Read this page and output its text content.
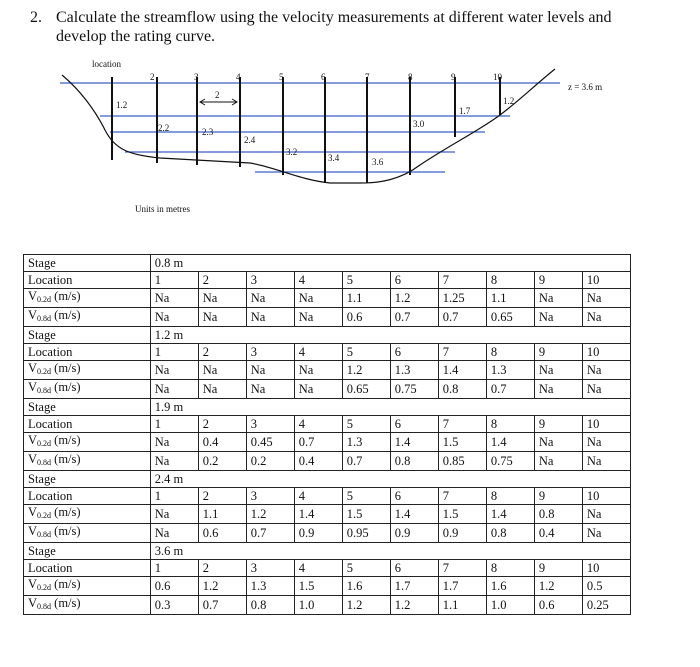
2. Calculate the streamflow using the velocity measurements at different water levels and develop the rating curve.
location
2	3	4	5	6	7	8	9	10
2
1.2
2.2	2.3
2.4
3.2
3.4	3.6
3.0
1.7
1.2
z = 3.6 m
Units in metres
Stage	0.8 m									
Location	1	2	3	4	5	6	7	8	9	10
$V_{0.2d}$ (m/s)	Na	Na	Na	Na	1.1	1.2	1.25	1.1	Na	Na
$V_{0.8d}$ (m/s)	Na	Na	Na	Na	0.6	0.7	0.7	0.65	Na	Na
Stage	1.2 m									
Location	1	2	3	4	5	6	7	8	9	10
$V_{0.2d}$ (m/s)	Na	Na	Na	Na	1.2	1.3	1.4	1.3	Na	Na
$V_{0.8d}$ (m/s)	Na	Na	Na	Na	0.65	0.75	0.8	0.7	Na	Na
Stage	1.9 m									
Location	1	2	3	4	5	6	7	8	9	10
$V_{0.2d}$ (m/s)	Na	0.4	0.45	0.7	1.3	1.4	1.5	1.4	Na	Na
$V_{0.8d}$ (m/s)	Na	0.2	0.2	0.4	0.7	0.8	0.85	0.75	Na	Na
Stage	2.4 m									
Location	1	2	3	4	5	6	7	8	9	10
$V_{0.2d}$ (m/s)	Na	1.1	1.2	1.4	1.5	1.4	1.5	1.4	0.8	Na
$V_{0.8d}$ (m/s)	Na	0.6	0.7	0.9	0.95	0.9	0.9	0.8	0.4	Na
Stage	3.6 m									
Location	1	2	3	4	5	6	7	8	9	10
$V_{0.2d}$ (m/s)	0.6	1.2	1.3	1.5	1.6	1.7	1.7	1.6	1.2	0.5
$V_{0.8d}$ (m/s)	0.3	0.7	0.8	1.0	1.2	1.2	1.1	1.0	0.6	0.25
